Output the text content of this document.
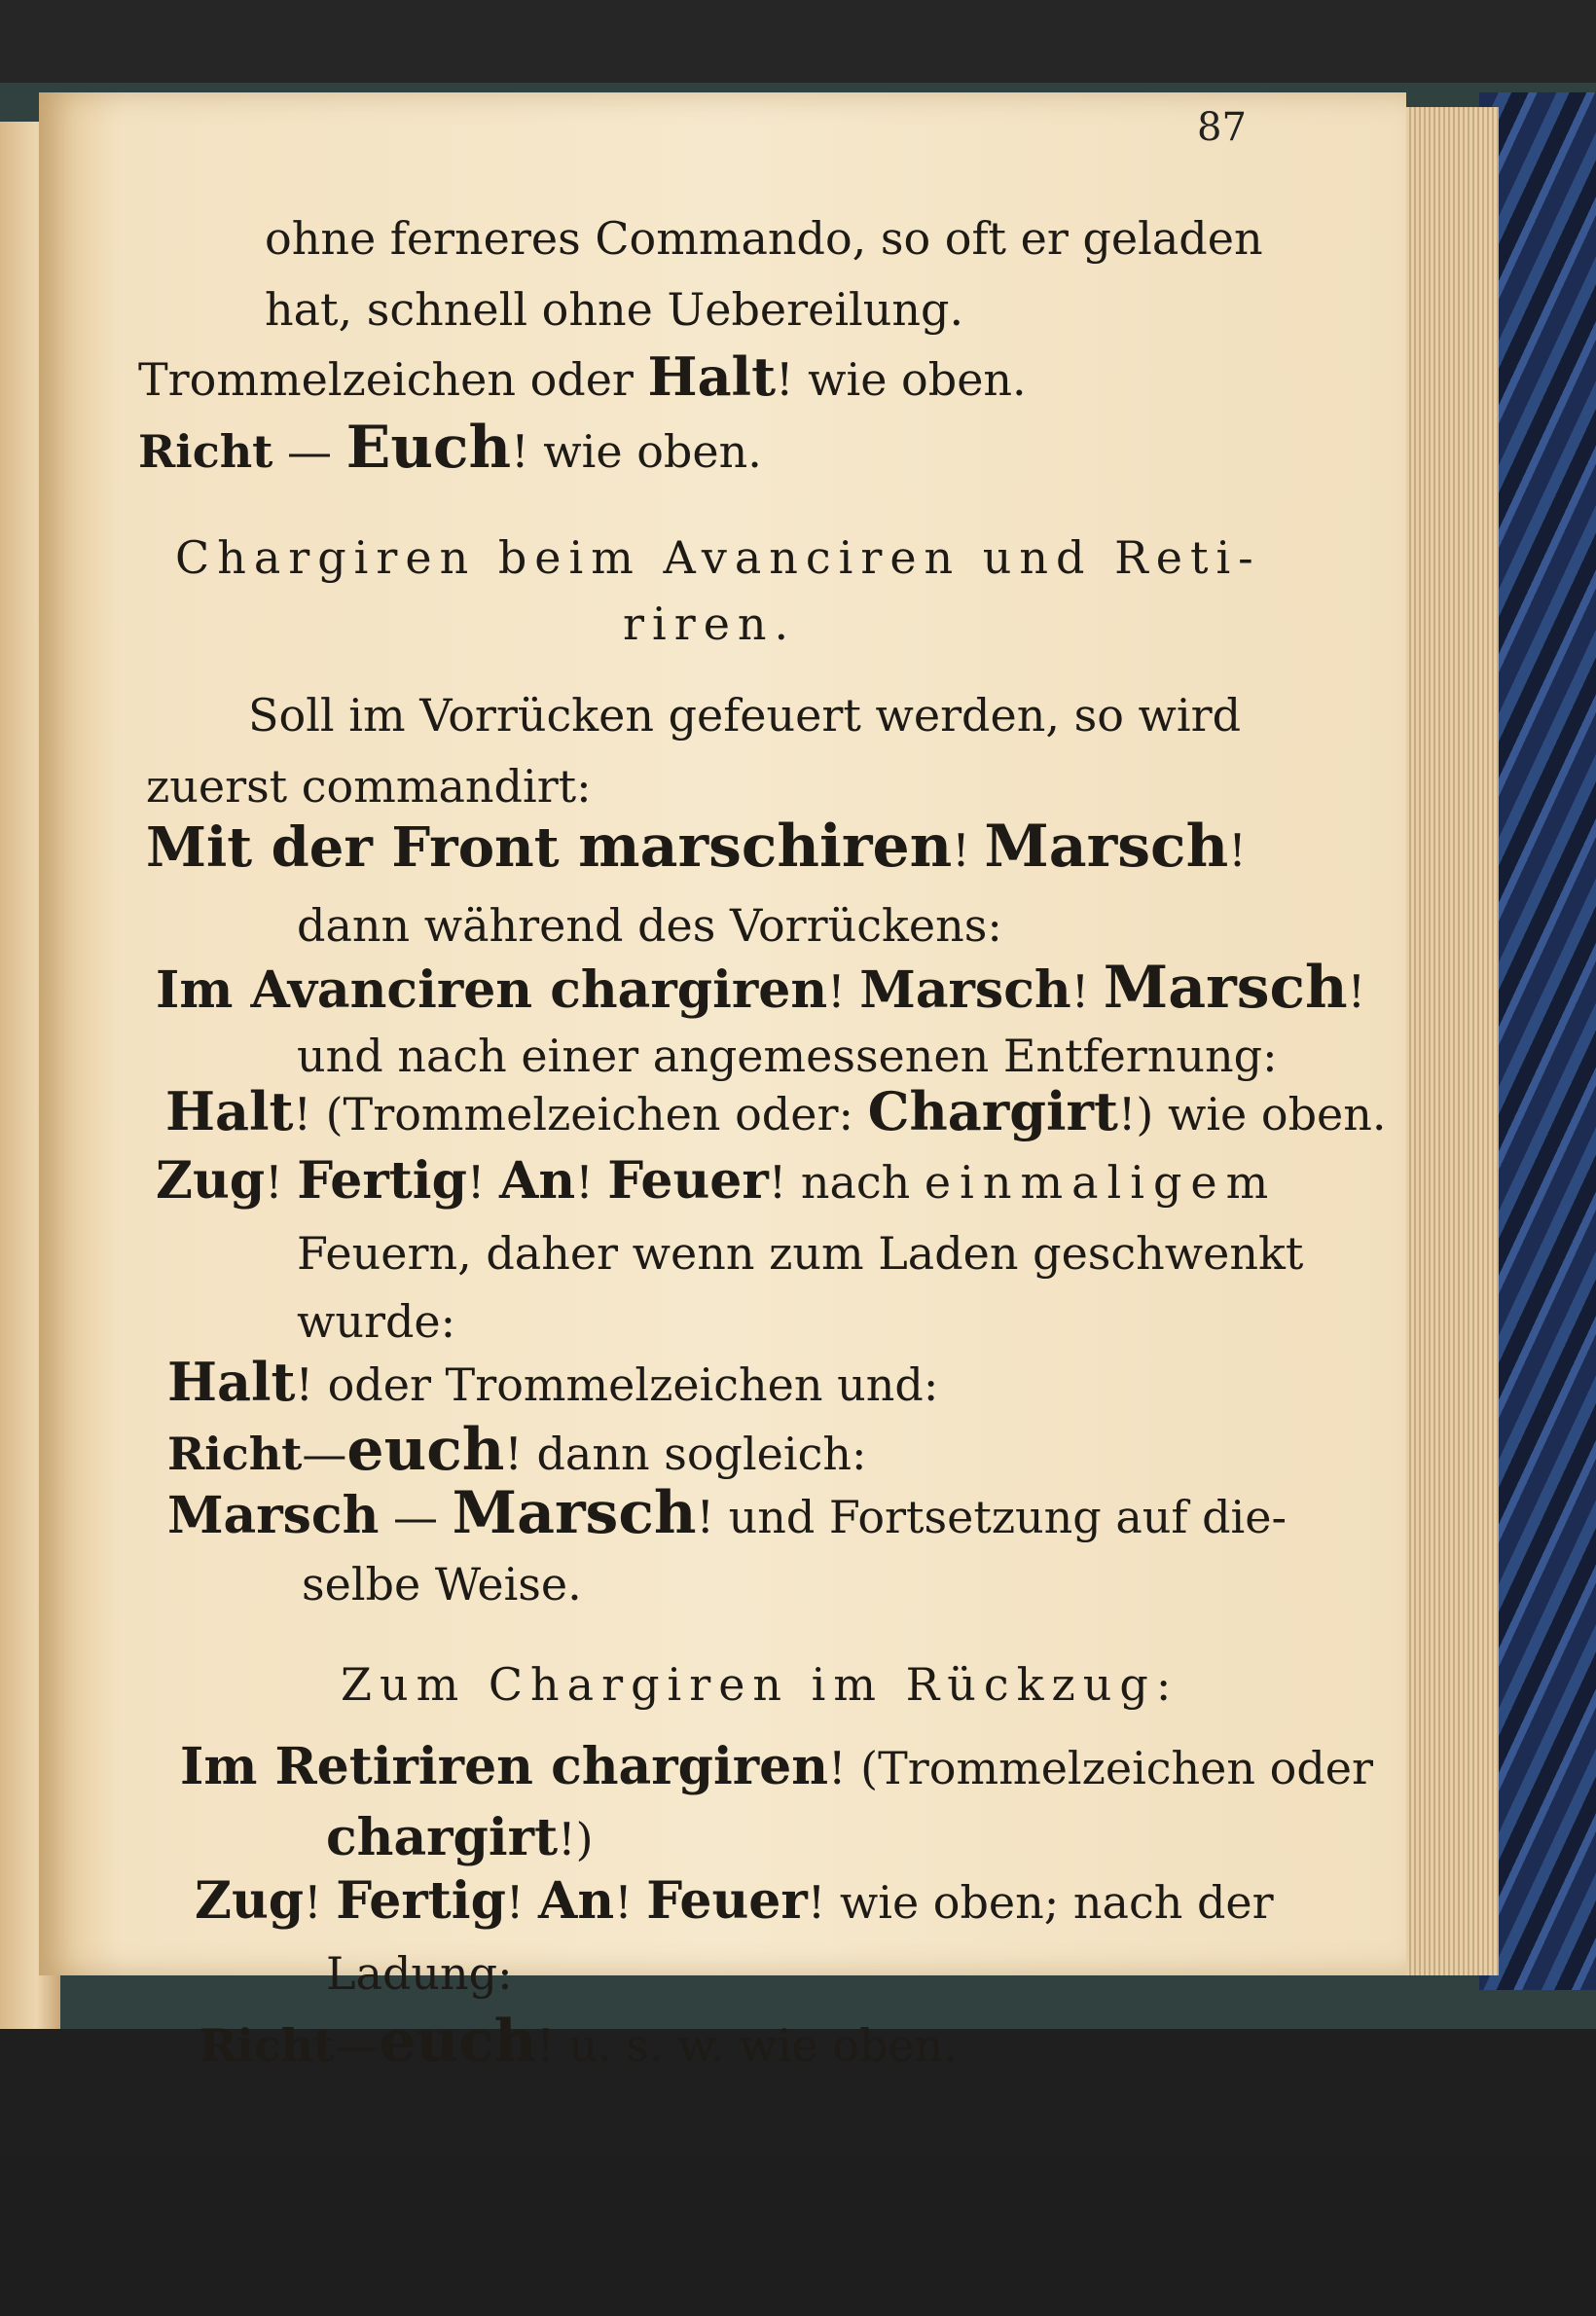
87
ohne ferneres Commando, so oft er geladen
hat, schnell ohne Uebereilung.
Trommelzeichen oder Halt! wie oben.
Richt — Euch! wie oben.
Chargiren beim Avanciren und Reti-
riren.
Soll im Vorrücken gefeuert werden, so wird
zuerst commandirt:
Mit der Front marschiren! Marsch!
dann während des Vorrückens:
Im Avanciren chargiren! Marsch! Marsch!
und nach einer angemessenen Entfernung:
Halt! (Trommelzeichen oder: Chargirt!) wie oben.
Zug! Fertig! An! Feuer! nach einmaligem
Feuern, daher wenn zum Laden geschwenkt
wurde:
Halt! oder Trommelzeichen und:
Richt—euch! dann sogleich:
Marsch — Marsch! und Fortsetzung auf die-
selbe Weise.
Zum Chargiren im Rückzug:
Im Retiriren chargiren! (Trommelzeichen oder
chargirt!)
Zug! Fertig! An! Feuer! wie oben; nach der
Ladung:
Richt—euch! u. s. w. wie oben.
